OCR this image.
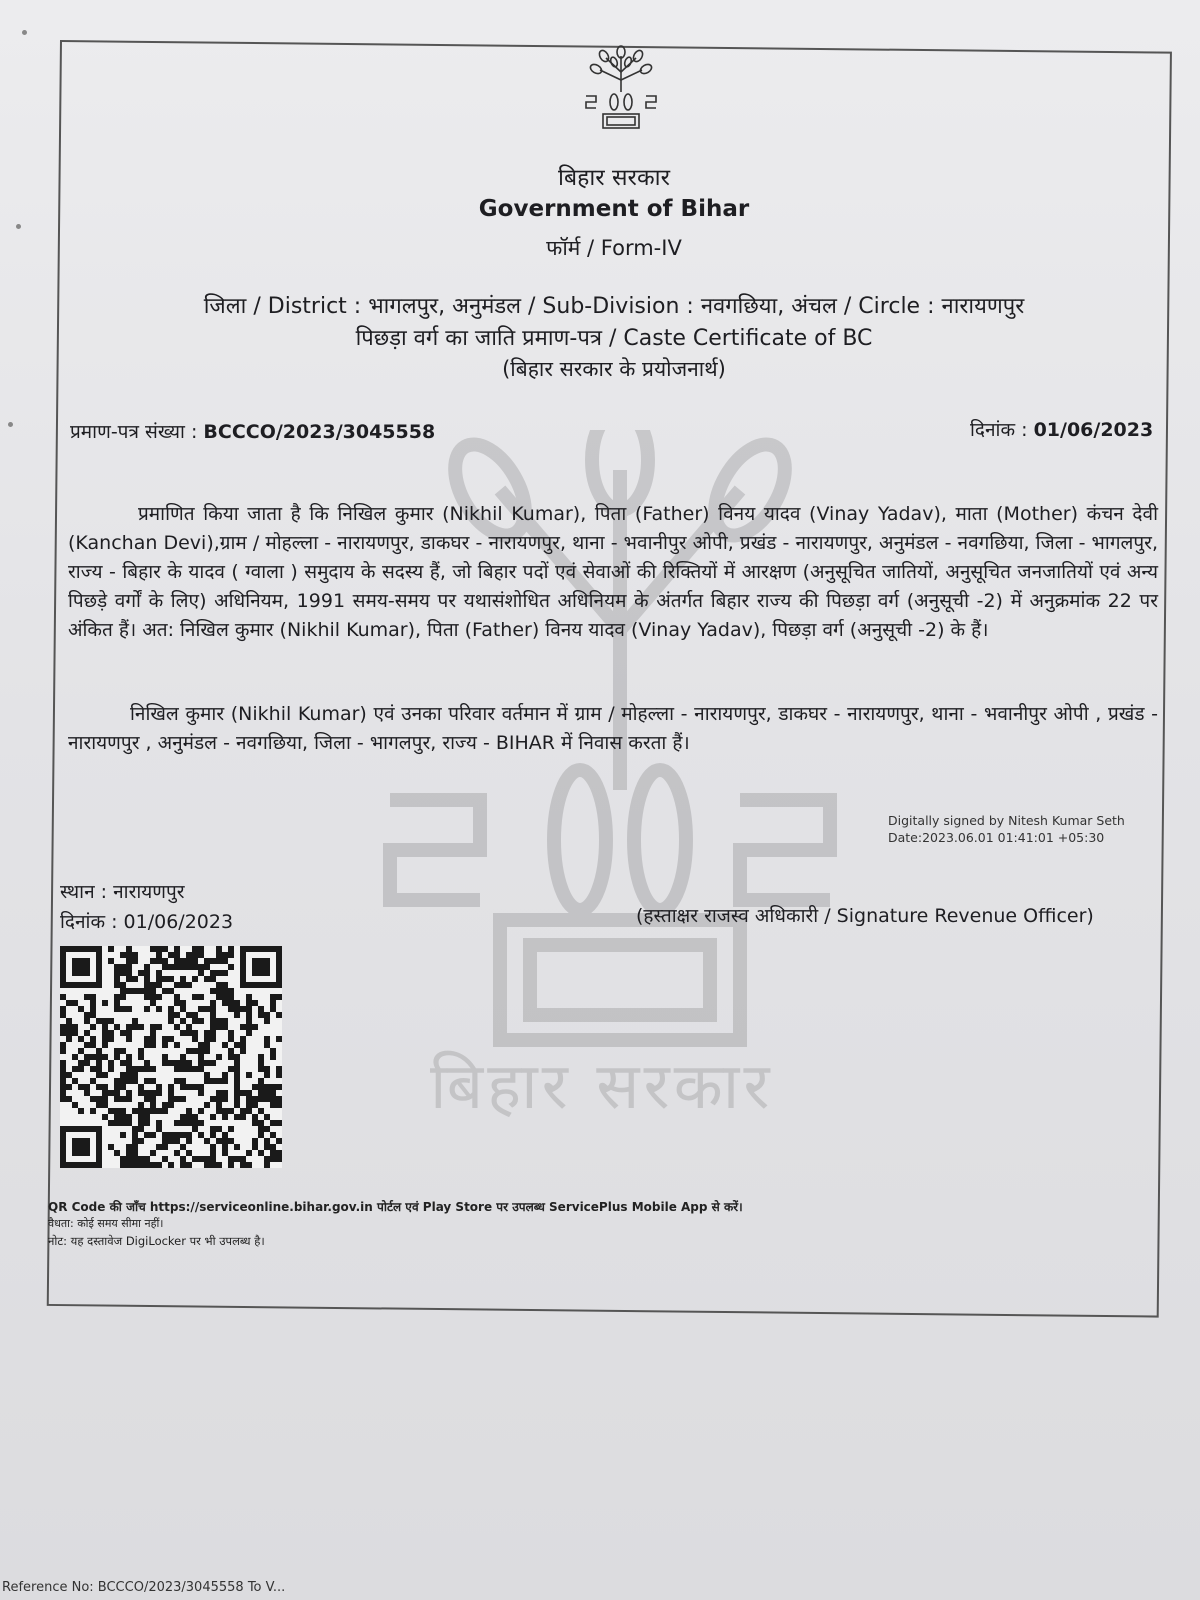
बिहार सरकार
बिहार सरकार
Government of Bihar
फॉर्म / Form-IV
जिला / District : भागलपुर, अनुमंडल / Sub-Division : नवगछिया, अंचल / Circle : नारायणपुर
पिछड़ा वर्ग का जाति प्रमाण-पत्र / Caste Certificate of BC
(बिहार सरकार के प्रयोजनार्थ)
प्रमाण-पत्र संख्या : BCCCO/2023/3045558	दिनांक : 01/06/2023
प्रमाणित किया जाता है कि निखिल कुमार (Nikhil Kumar), पिता (Father) विनय यादव (Vinay Yadav), माता (Mother) कंचन देवी (Kanchan Devi),ग्राम / मोहल्ला - नारायणपुर, डाकघर - नारायणपुर, थाना - भवानीपुर ओपी, प्रखंड - नारायणपुर, अनुमंडल - नवगछिया, जिला - भागलपुर, राज्य - बिहार के यादव ( ग्वाला ) समुदाय के सदस्य हैं, जो बिहार पदों एवं सेवाओं की रिक्तियों में आरक्षण (अनुसूचित जातियों, अनुसूचित जनजातियों एवं अन्य पिछड़े वर्गों के लिए) अधिनियम, 1991 समय-समय पर यथासंशोधित अधिनियम के अंतर्गत बिहार राज्य की पिछड़ा वर्ग (अनुसूची -2) में अनुक्रमांक 22 पर अंकित हैं। अत: निखिल कुमार (Nikhil Kumar), पिता (Father) विनय यादव (Vinay Yadav), पिछड़ा वर्ग (अनुसूची -2) के हैं।
निखिल कुमार (Nikhil Kumar) एवं उनका परिवार वर्तमान में ग्राम / मोहल्ला - नारायणपुर, डाकघर - नारायणपुर, थाना - भवानीपुर ओपी , प्रखंड - नारायणपुर , अनुमंडल - नवगछिया, जिला - भागलपुर, राज्य - BIHAR में निवास करता हैं।
Digitally signed by Nitesh Kumar Seth
Date:2023.06.01 01:41:01 +05:30
स्थान : नारायणपुर
दिनांक : 01/06/2023	(हस्ताक्षर राजस्व अधिकारी / Signature Revenue Officer)
QR Code की जाँच https://serviceonline.bihar.gov.in पोर्टल एवं Play Store पर उपलब्ध ServicePlus Mobile App से करें।
वैधता: कोई समय सीमा नहीं।
नोट: यह दस्तावेज DigiLocker पर भी उपलब्ध है।
Reference No: BCCCO/2023/3045558 To V...
